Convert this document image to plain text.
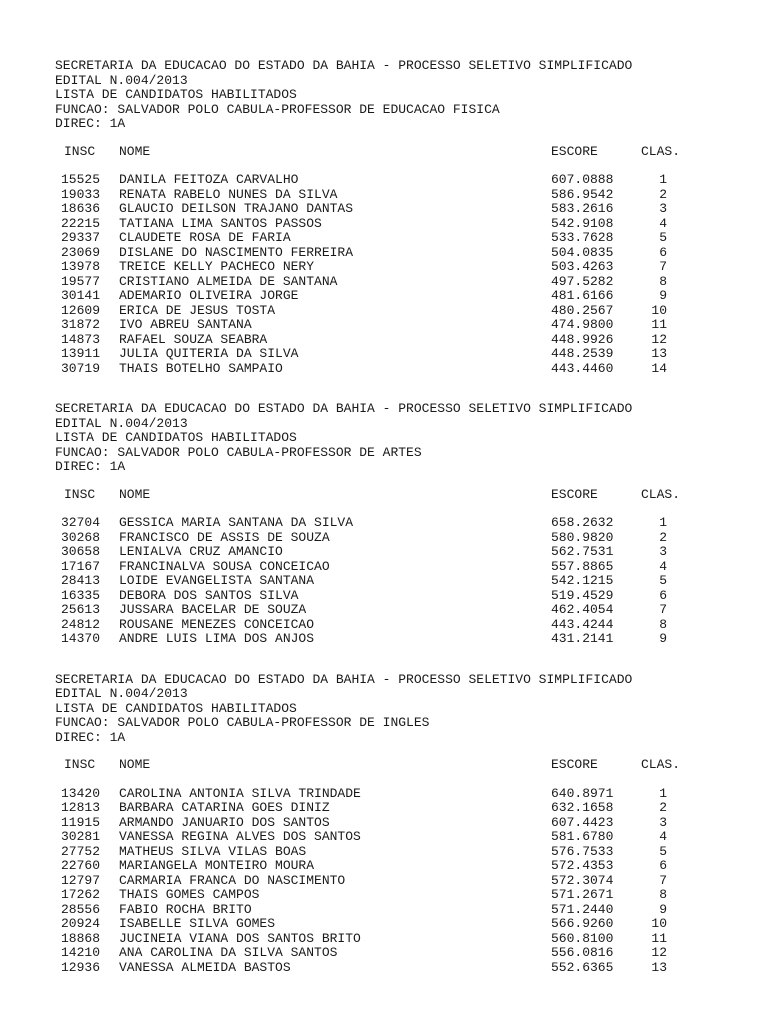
SECRETARIA DA EDUCACAO DO ESTADO DA BAHIA - PROCESSO SELETIVO SIMPLIFICADO
EDITAL N.004/2013
LISTA DE CANDIDATOS HABILITADOS
FUNCAO: SALVADOR POLO CABULA-PROFESSOR DE EDUCACAO FISICA
DIREC: 1A
INSC NOME	ESCORE	CLAS.
15525 DANILA FEITOZA CARVALHO	607.0888	1
19033 RENATA RABELO NUNES DA SILVA	586.9542	2
18636 GLAUCIO DEILSON TRAJANO DANTAS	583.2616	3
22215 TATIANA LIMA SANTOS PASSOS	542.9108	4
29337 CLAUDETE ROSA DE FARIA	533.7628	5
23069 DISLANE DO NASCIMENTO FERREIRA	504.0835	6
13978 TREICE KELLY PACHECO NERY	503.4263	7
19577 CRISTIANO ALMEIDA DE SANTANA	497.5282	8
30141 ADEMARIO OLIVEIRA JORGE	481.6166	9
12609 ERICA DE JESUS TOSTA	480.2567	10
31872 IVO ABREU SANTANA	474.9800	11
14873 RAFAEL SOUZA SEABRA	448.9926	12
13911 JULIA QUITERIA DA SILVA	448.2539	13
30719 THAIS BOTELHO SAMPAIO	443.4460	14
SECRETARIA DA EDUCACAO DO ESTADO DA BAHIA - PROCESSO SELETIVO SIMPLIFICADO
EDITAL N.004/2013
LISTA DE CANDIDATOS HABILITADOS
FUNCAO: SALVADOR POLO CABULA-PROFESSOR DE ARTES
DIREC: 1A
INSC NOME	ESCORE	CLAS.
32704 GESSICA MARIA SANTANA DA SILVA	658.2632	1
30268 FRANCISCO DE ASSIS DE SOUZA	580.9820	2
30658 LENIALVA CRUZ AMANCIO	562.7531	3
17167 FRANCINALVA SOUSA CONCEICAO	557.8865	4
28413 LOIDE EVANGELISTA SANTANA	542.1215	5
16335 DEBORA DOS SANTOS SILVA	519.4529	6
25613 JUSSARA BACELAR DE SOUZA	462.4054	7
24812 ROUSANE MENEZES CONCEICAO	443.4244	8
14370 ANDRE LUIS LIMA DOS ANJOS	431.2141	9
SECRETARIA DA EDUCACAO DO ESTADO DA BAHIA - PROCESSO SELETIVO SIMPLIFICADO
EDITAL N.004/2013
LISTA DE CANDIDATOS HABILITADOS
FUNCAO: SALVADOR POLO CABULA-PROFESSOR DE INGLES
DIREC: 1A
INSC NOME	ESCORE	CLAS.
13420 CAROLINA ANTONIA SILVA TRINDADE	640.8971	1
12813 BARBARA CATARINA GOES DINIZ	632.1658	2
11915 ARMANDO JANUARIO DOS SANTOS	607.4423	3
30281 VANESSA REGINA ALVES DOS SANTOS	581.6780	4
27752 MATHEUS SILVA VILAS BOAS	576.7533	5
22760 MARIANGELA MONTEIRO MOURA	572.4353	6
12797 CARMARIA FRANCA DO NASCIMENTO	572.3074	7
17262 THAIS GOMES CAMPOS	571.2671	8
28556 FABIO ROCHA BRITO	571.2440	9
20924 ISABELLE SILVA GOMES	566.9260	10
18868 JUCINEIA VIANA DOS SANTOS BRITO	560.8100	11
14210 ANA CAROLINA DA SILVA SANTOS	556.0816	12
12936 VANESSA ALMEIDA BASTOS	552.6365	13
